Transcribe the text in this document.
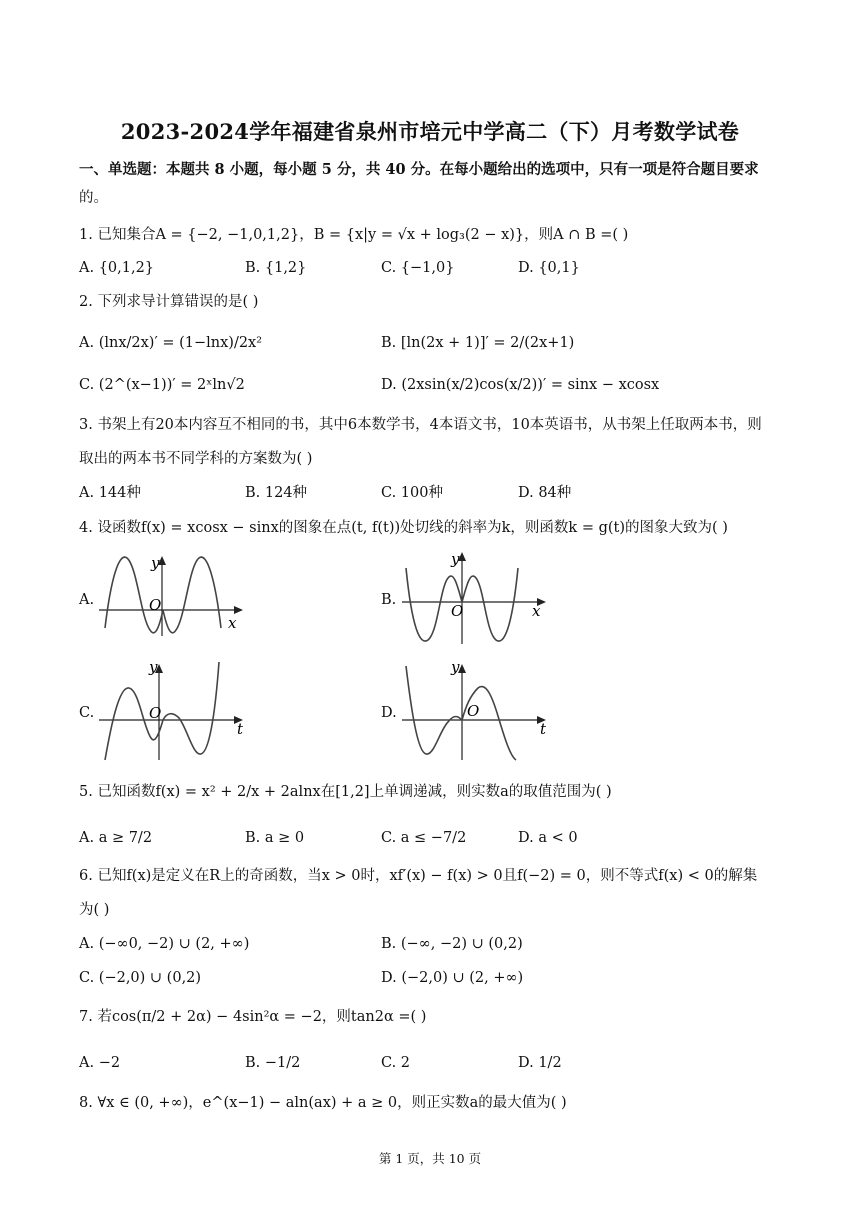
2023-2024学年福建省泉州市培元中学高二（下）月考数学试卷
一、单选题：本题共 8 小题，每小题 5 分，共 40 分。在每小题给出的选项中，只有一项是符合题目要求
的。
1. 已知集合A = {−2, −1,0,1,2}，B = {x|y = √x + log₃(2 − x)}，则A ∩ B =( )
A. {0,1,2}	B. {1,2}	C. {−1,0}	D. {0,1}
2. 下列求导计算错误的是( )
A. (lnx/2x)′ = (1−lnx)/2x²	B. [ln(2x + 1)]′ = 2/(2x+1)
C. (2^(x−1))′ = 2ˣln√2	D. (2xsin(x/2)cos(x/2))′ = sinx − xcosx
3. 书架上有20本内容互不相同的书，其中6本数学书，4本语文书，10本英语书，从书架上任取两本书，则
取出的两本书不同学科的方案数为( )
A. 144种	B. 124种	C. 100种	D. 84种
4. 设函数f(x) = xcosx − sinx的图象在点(t, f(t))处切线的斜率为k，则函数k = g(t)的图象大致为( )
A.
y
O
x
B.
y
O	x
C.
y
O
t
D.
y
O
t
5. 已知函数f(x) = x² + 2/x + 2alnx在[1,2]上单调递减，则实数a的取值范围为( )
A. a ≥ 7/2	B. a ≥ 0	C. a ≤ −7/2	D. a < 0
6. 已知f(x)是定义在R上的奇函数，当x > 0时，xf′(x) − f(x) > 0且f(−2) = 0，则不等式f(x) < 0的解集
为( )
A. (−∞0, −2) ∪ (2, +∞)	B. (−∞, −2) ∪ (0,2)
C. (−2,0) ∪ (0,2)	D. (−2,0) ∪ (2, +∞)
7. 若cos(π/2 + 2α) − 4sin²α = −2，则tan2α =( )
A. −2	B. −1/2	C. 2	D. 1/2
8. ∀x ∈ (0, +∞)，e^(x−1) − aln(ax) + a ≥ 0，则正实数a的最大值为( )
第 1 页，共 10 页
